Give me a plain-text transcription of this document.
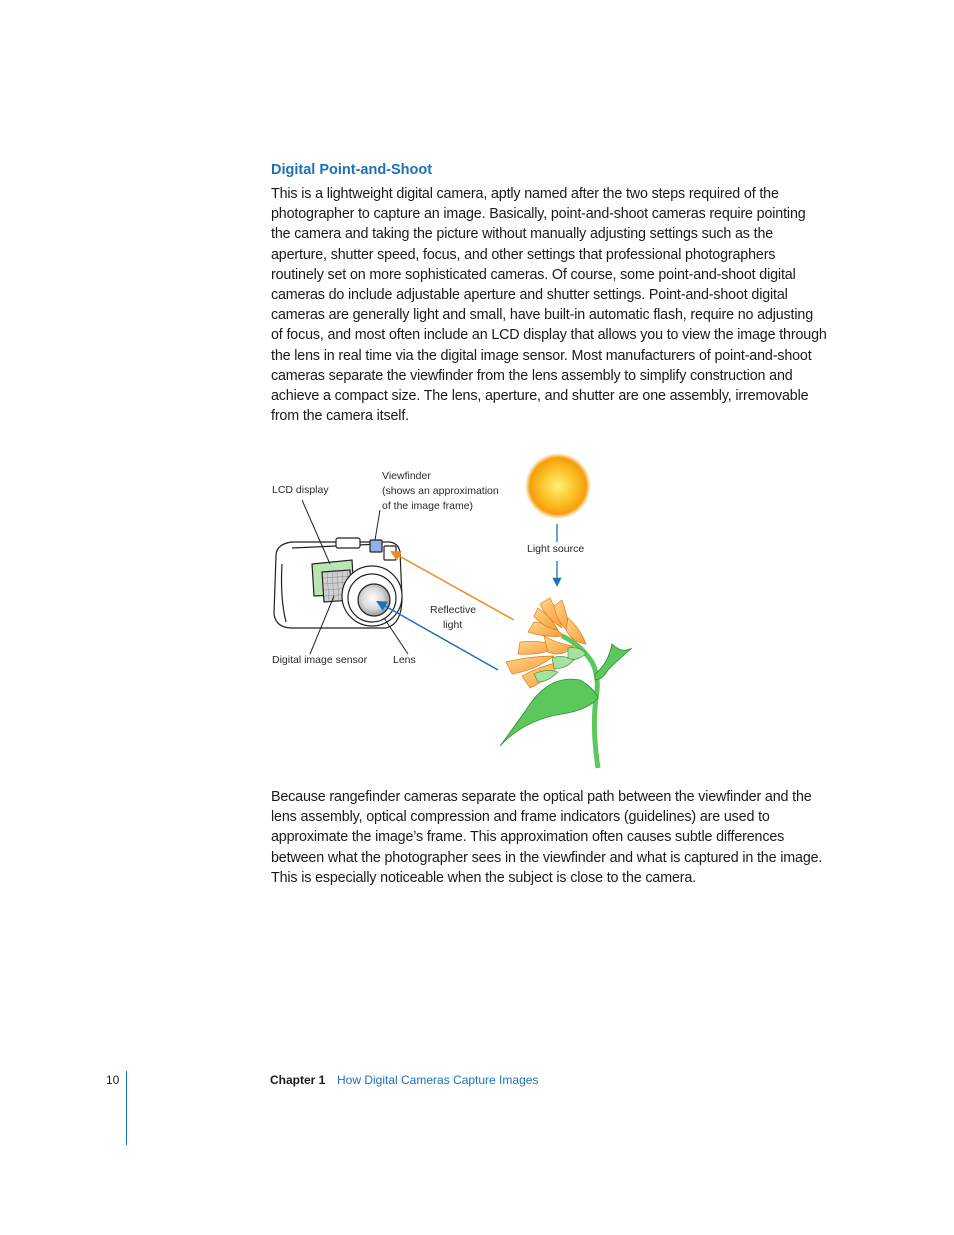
Digital Point-and-Shoot

This is a lightweight digital camera, aptly named after the two steps required of the photographer to capture an image. Basically, point-and-shoot cameras require pointing the camera and taking the picture without manually adjusting settings such as the aperture, shutter speed, focus, and other settings that professional photographers routinely set on more sophisticated cameras. Of course, some point-and-shoot digital cameras do include adjustable aperture and shutter settings. Point-and-shoot digital cameras are generally light and small, have built-in automatic flash, require no adjusting of focus, and most often include an LCD display that allows you to view the image through the lens in real time via the digital image sensor. Most manufacturers of point-and-shoot cameras separate the viewfinder from the lens assembly to simplify construction and achieve a compact size. The lens, aperture, and shutter are one assembly, irremovable from the camera itself.

LCD display
Viewfinder
(shows an approximation
of the image frame)
Light source
Reflective
light
Digital image sensor Lens

Because rangefinder cameras separate the optical path between the viewfinder and the lens assembly, optical compression and frame indicators (guidelines) are used to approximate the image’s frame. This approximation often causes subtle differences between what the photographer sees in the viewfinder and what is captured in the image. This is especially noticeable when the subject is close to the camera.

10	Chapter 1 How Digital Cameras Capture Images
